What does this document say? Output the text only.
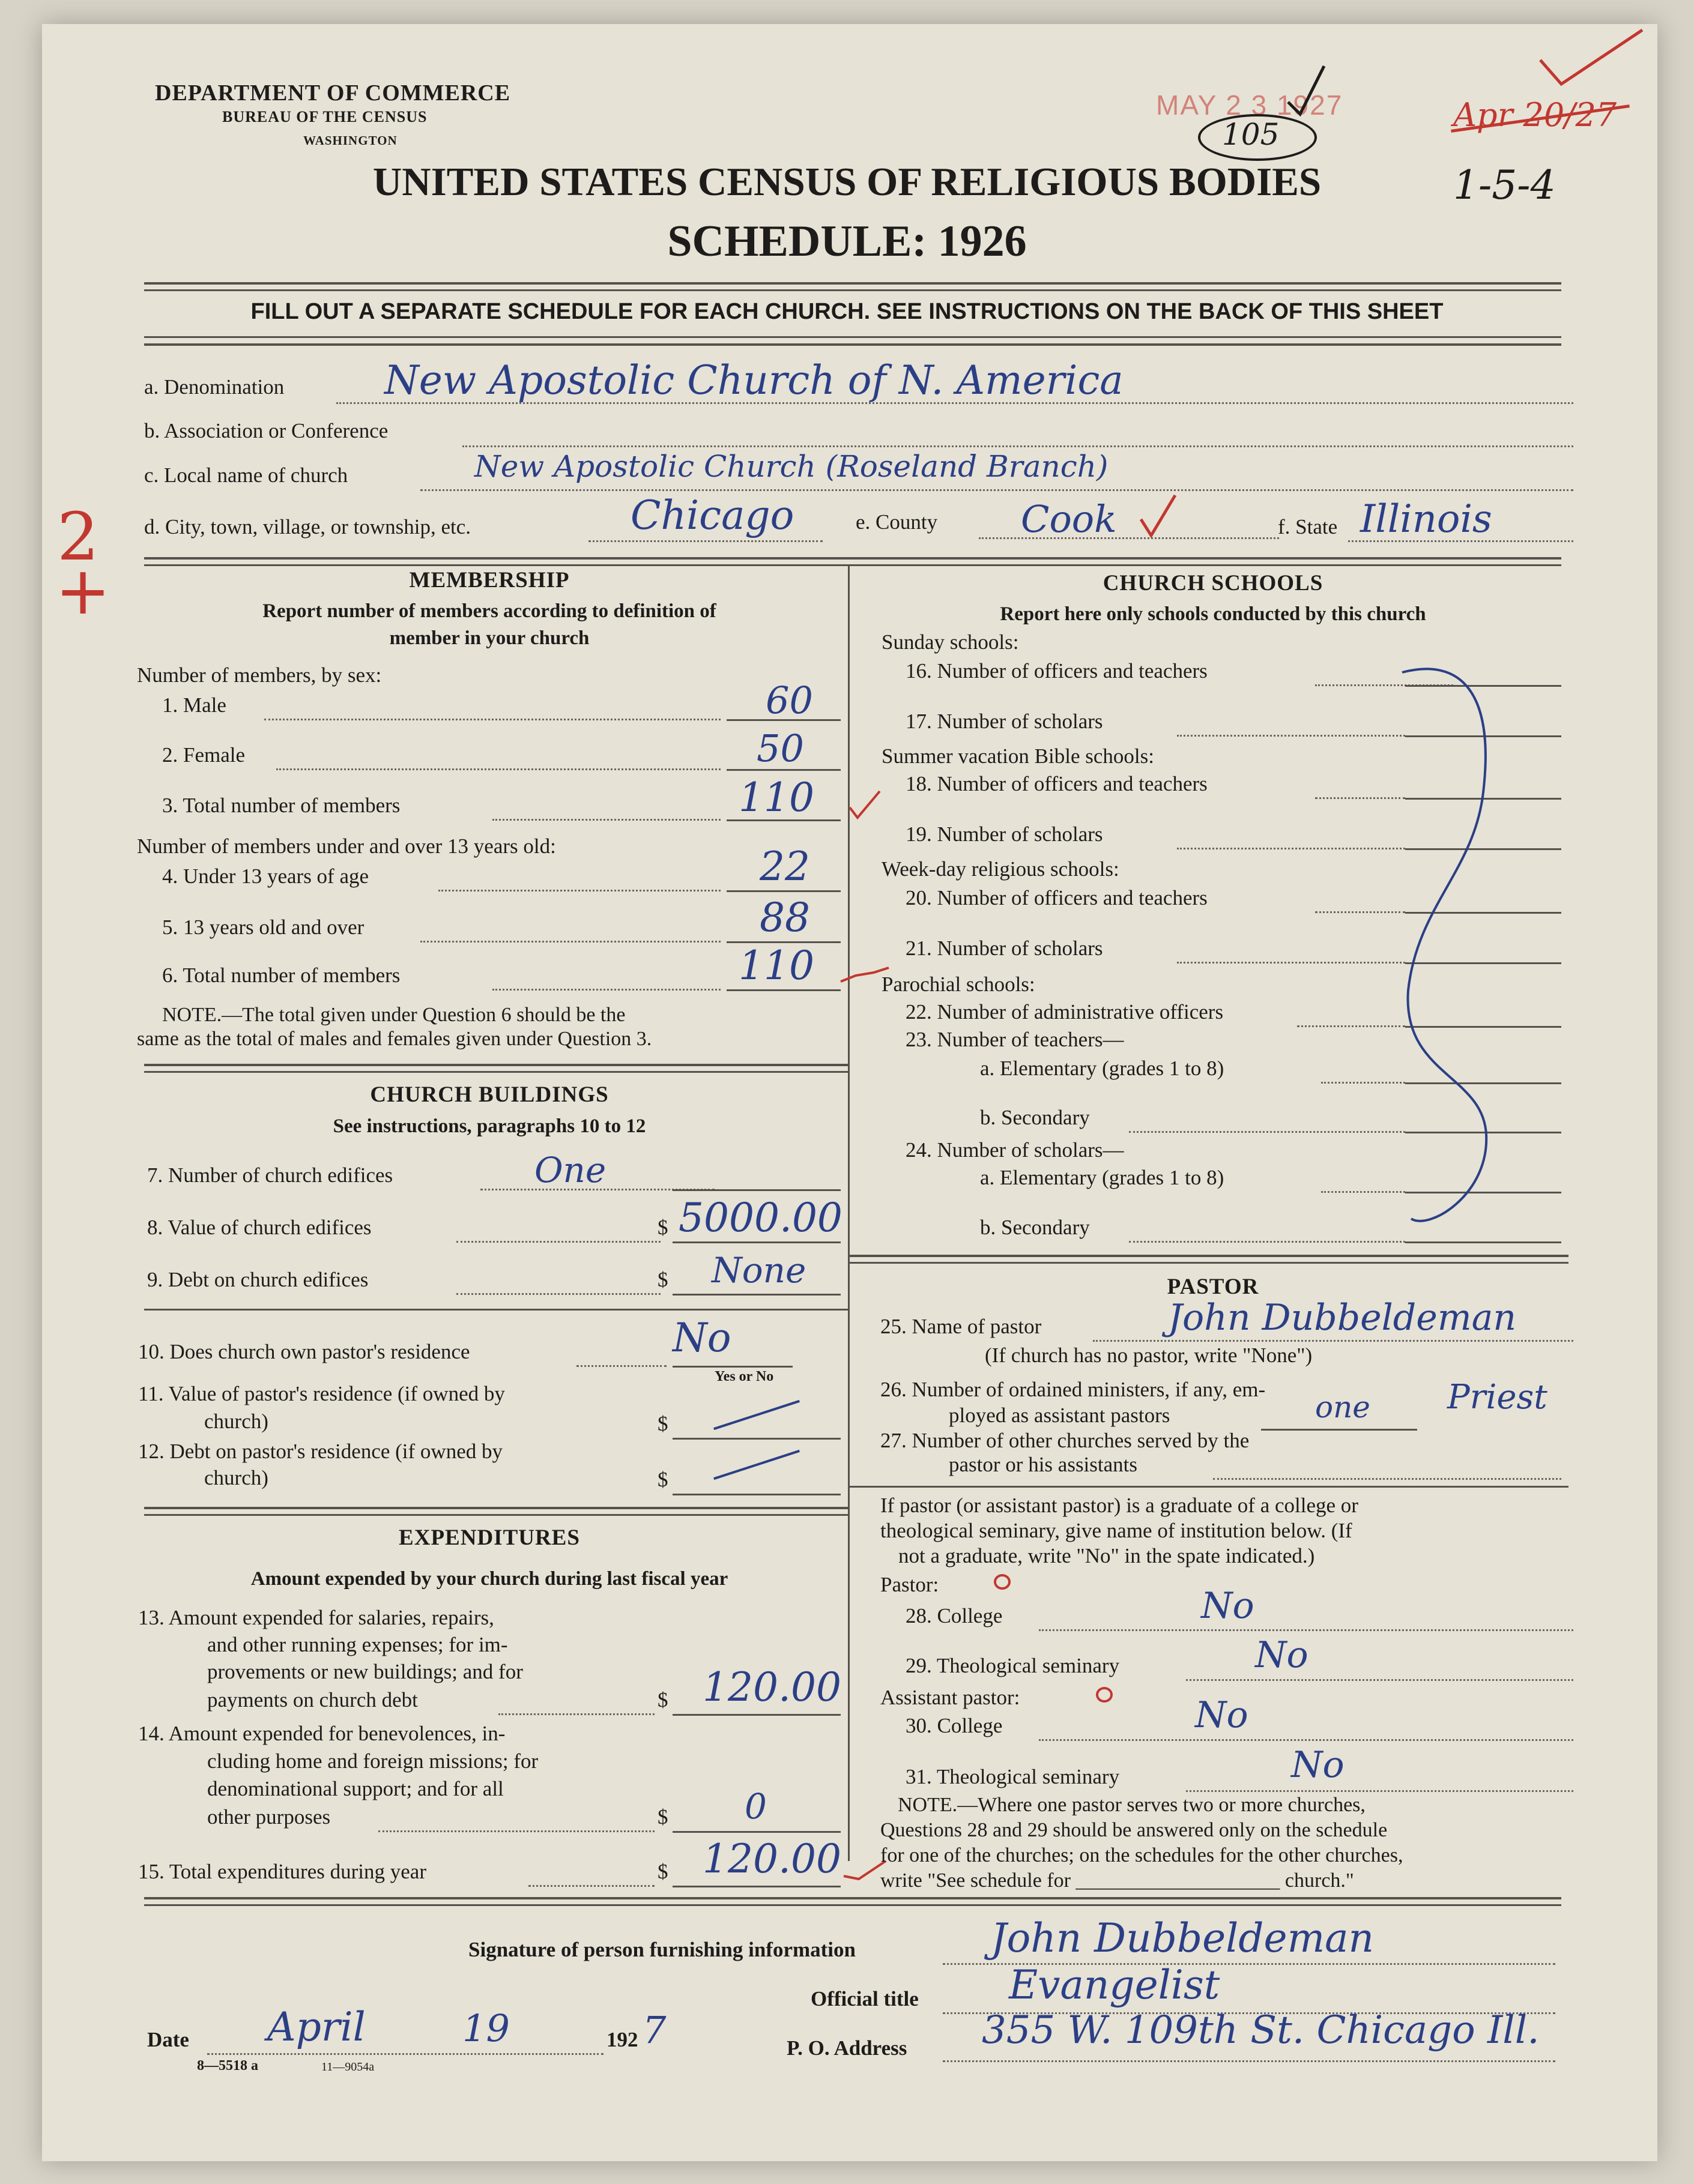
DEPARTMENT OF COMMERCE
BUREAU OF THE CENSUS
WASHINGTON
UNITED STATES CENSUS OF RELIGIOUS BODIES
SCHEDULE: 1926
MAY 2 3 1927
105
Apr 20/27
1-5-4
FILL OUT A SEPARATE SCHEDULE FOR EACH CHURCH. SEE INSTRUCTIONS ON THE BACK OF THIS SHEET
2
+
a. Denomination	New Apostolic Church of N. America
b. Association or Conference
c. Local name of church	New Apostolic Church (Roseland Branch)
d. City, town, village, or township, etc.	Chicago	e. County Cook	f. State Illinois
MEMBERSHIP
Report number of members according to definition of
member in your church
Number of members, by sex:
1. Male	60
2. Female	50
3. Total number of members	110
Number of members under and over 13 years old:
4. Under 13 years of age	22
5. 13 years old and over	88
6. Total number of members	110
NOTE.—The total given under Question 6 should be the
same as the total of males and females given under Question 3.
CHURCH BUILDINGS
See instructions, paragraphs 10 to 12
7. Number of church edifices	One
8. Value of church edifices	$ 5000.00
9. Debt on church edifices	$ None
10. Does church own pastor's residence	No
Yes or No
11. Value of pastor's residence (if owned by
church)	$
12. Debt on pastor's residence (if owned by
church)	$
EXPENDITURES
Amount expended by your church during last fiscal year
13. Amount expended for salaries, repairs,
and other running expenses; for im-
provements or new buildings; and for
payments on church debt	$ 120.00
14. Amount expended for benevolences, in-
cluding home and foreign missions; for
denominational support; and for all
other purposes	$ 0
15. Total expenditures during year	$ 120.00
CHURCH SCHOOLS
Report here only schools conducted by this church
Sunday schools:
16. Number of officers and teachers
17. Number of scholars
Summer vacation Bible schools:
18. Number of officers and teachers
19. Number of scholars
Week-day religious schools:
20. Number of officers and teachers
21. Number of scholars
Parochial schools:
22. Number of administrative officers
23. Number of teachers—
a. Elementary (grades 1 to 8)
b. Secondary
24. Number of scholars—
a. Elementary (grades 1 to 8)
b. Secondary
PASTOR
25. Name of pastor	John Dubbeldeman
(If church has no pastor, write "None")
26. Number of ordained ministers, if any, em-
ployed as assistant pastors	one Priest
27. Number of other churches served by the
pastor or his assistants
If pastor (or assistant pastor) is a graduate of a college or
theological seminary, give name of institution below. (If
not a graduate, write "No" in the spate indicated.)
Pastor:
28. College	No
29. Theological seminary	No
Assistant pastor:
30. College	No
31. Theological seminary	No
NOTE.—Where one pastor serves two or more churches,
Questions 28 and 29 should be answered only on the schedule
for one of the churches; on the schedules for the other churches,
write "See schedule for ____________________ church."
Signature of person furnishing information	John Dubbeldeman
Official title Evangelist
Date April	19	192 7
8—5518 a	11—9054a
P. O. Address 355 W. 109th St. Chicago Ill.
